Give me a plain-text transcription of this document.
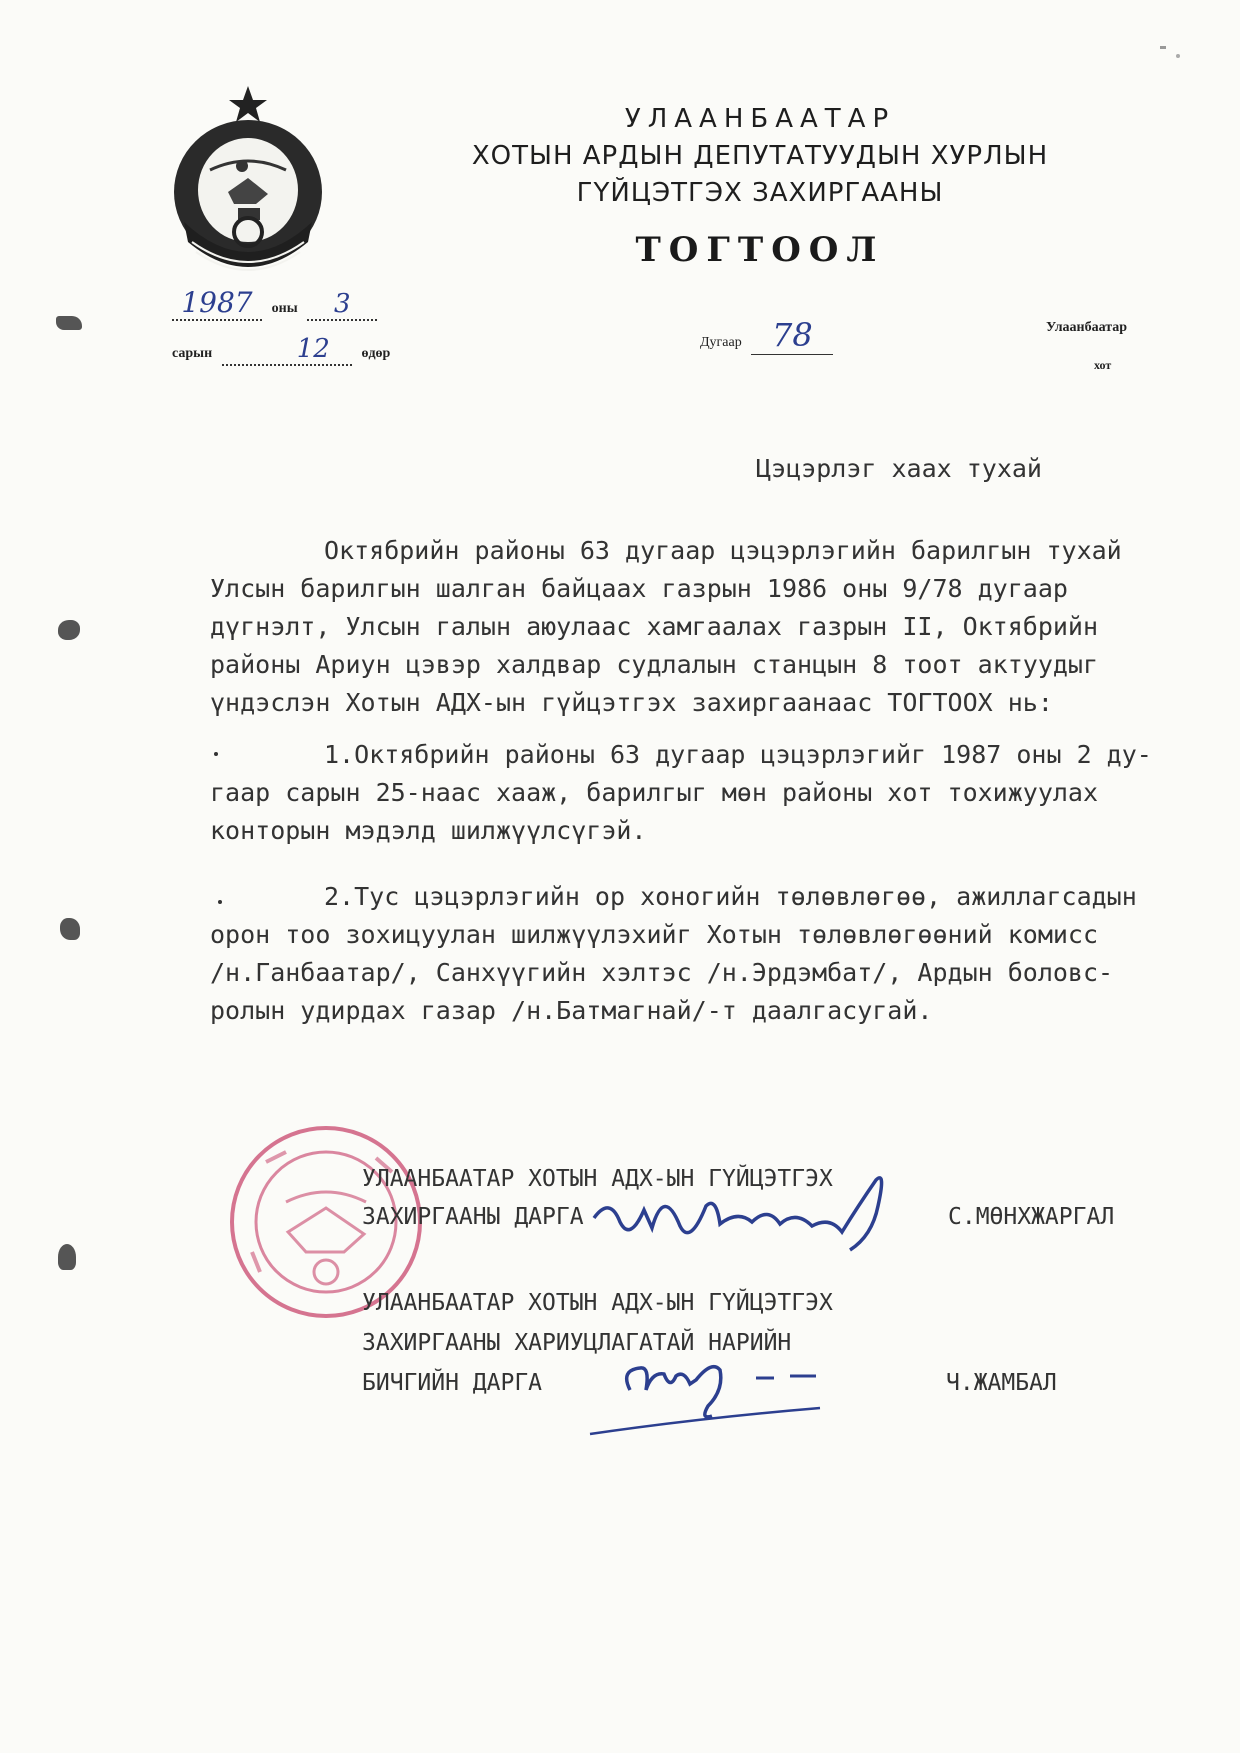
УЛААНБААТАР
ХОТЫН АРДЫН ДЕПУТАТУУДЫН ХУРЛЫН
ГҮЙЦЭТГЭХ ЗАХИРГААНЫ
ТОГТООЛ
1987 оны 3
сарын	12 өдөр
Дугаар 78	Улаанбаатар
хот
Цэцэрлэг хаах тухай
Октябрийн районы 63 дугаар цэцэрлэгийн барилгын тухай
Улсын барилгын шалган байцаах газрын 1986 оны 9/78 дугаар
дүгнэлт, Улсын галын аюулаас хамгаалах газрын II, Октябрийн
районы Ариун цэвэр халдвар судлалын станцын 8 тоот актуудыг
үндэслэн Хотын АДХ-ын гүйцэтгэх захиргаанаас ТОГТООХ нь:
1.Октябрийн районы 63 дугаар цэцэрлэгийг 1987 оны 2 ду-
гаар сарын 25-наас хааж, барилгыг мөн районы хот тохижуулах
конторын мэдэлд шилжүүлсүгэй.
2.Тус цэцэрлэгийн ор хоногийн төлөвлөгөө, ажиллагсадын
орон тоо зохицуулан шилжүүлэхийг Хотын төлөвлөгөөний комисс
/н.Ганбаатар/, Санхүүгийн хэлтэс /н.Эрдэмбат/, Ардын боловс-
ролын удирдах газар /н.Батмагнай/-т даалгасугай.
УЛААНБААТАР ХОТЫН АДХ-ЫН ГҮЙЦЭТГЭХ
ЗАХИРГААНЫ ДАРГА	С.МӨНХЖАРГАЛ
УЛААНБААТАР ХОТЫН АДХ-ЫН ГҮЙЦЭТГЭХ
ЗАХИРГААНЫ ХАРИУЦЛАГАТАЙ НАРИЙН
БИЧГИЙН ДАРГА	Ч.ЖАМБАЛ
